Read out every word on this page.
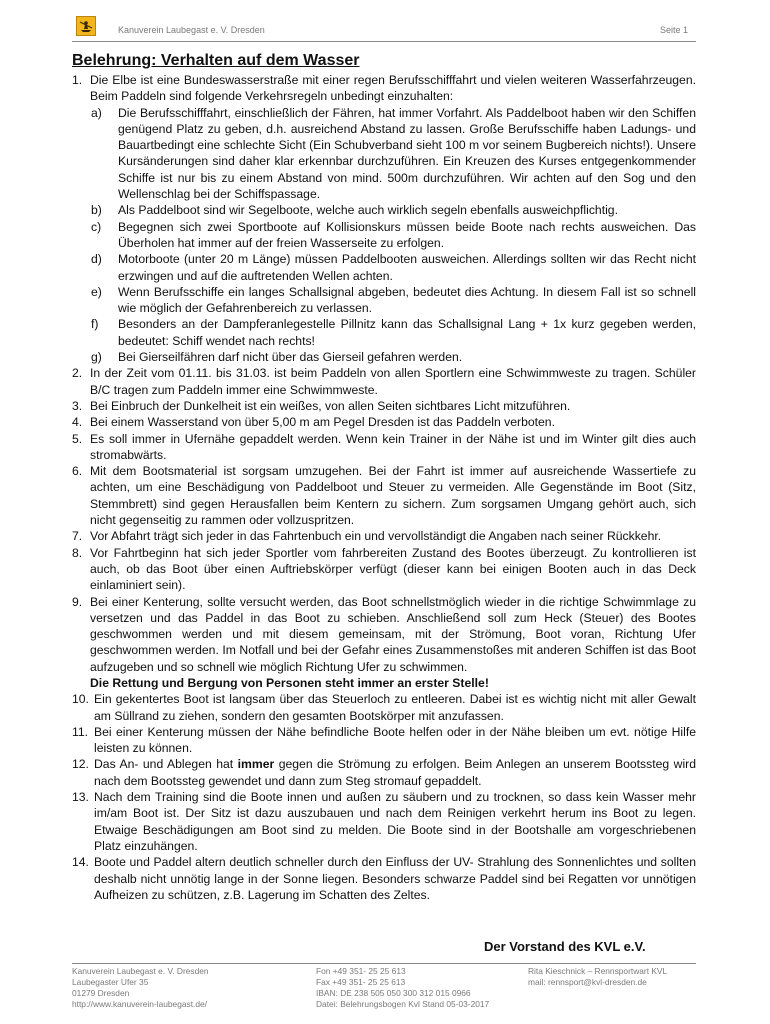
Kanuverein Laubegast e. V. Dresden	Seite 1
Belehrung: Verhalten auf dem Wasser
1. Die Elbe ist eine Bundeswasserstraße mit einer regen Berufsschifffahrt und vielen weiteren Wasserfahrzeugen. Beim Paddeln sind folgende Verkehrsregeln unbedingt einzuhalten:
a) Die Berufsschifffahrt, einschließlich der Fähren, hat immer Vorfahrt. Als Paddelboot haben wir den Schiffen genügend Platz zu geben, d.h. ausreichend Abstand zu lassen. Große Berufsschiffe haben Ladungs- und Bauartbedingt eine schlechte Sicht (Ein Schubverband sieht 100 m vor seinem Bugbereich nichts!). Unsere Kursänderungen sind daher klar erkennbar durchzuführen. Ein Kreuzen des Kurses entgegenkommender Schiffe ist nur bis zu einem Abstand von mind. 500m durchzuführen. Wir achten auf den Sog und den Wellenschlag bei der Schiffspassage.
b) Als Paddelboot sind wir Segelboote, welche auch wirklich segeln ebenfalls ausweichpflichtig.
c) Begegnen sich zwei Sportboote auf Kollisionskurs müssen beide Boote nach rechts ausweichen. Das Überholen hat immer auf der freien Wasserseite zu erfolgen.
d) Motorboote (unter 20 m Länge) müssen Paddelbooten ausweichen. Allerdings sollten wir das Recht nicht erzwingen und auf die auftretenden Wellen achten.
e) Wenn Berufsschiffe ein langes Schallsignal abgeben, bedeutet dies Achtung. In diesem Fall ist so schnell wie möglich der Gefahrenbereich zu verlassen.
f) Besonders an der Dampferanlegestelle Pillnitz kann das Schallsignal Lang + 1x kurz gegeben werden, bedeutet: Schiff wendet nach rechts!
g) Bei Gierseilfähren darf nicht über das Gierseil gefahren werden.
2. In der Zeit vom 01.11. bis 31.03. ist beim Paddeln von allen Sportlern eine Schwimmweste zu tragen. Schüler B/C tragen zum Paddeln immer eine Schwimmweste.
3. Bei Einbruch der Dunkelheit ist ein weißes, von allen Seiten sichtbares Licht mitzuführen.
4. Bei einem Wasserstand von über 5,00 m am Pegel Dresden ist das Paddeln verboten.
5. Es soll immer in Ufernähe gepaddelt werden. Wenn kein Trainer in der Nähe ist und im Winter gilt dies auch stromabwärts.
6. Mit dem Bootsmaterial ist sorgsam umzugehen. Bei der Fahrt ist immer auf ausreichende Wassertiefe zu achten, um eine Beschädigung von Paddelboot und Steuer zu vermeiden. Alle Gegenstände im Boot (Sitz, Stemmbrett) sind gegen Herausfallen beim Kentern zu sichern. Zum sorgsamen Umgang gehört auch, sich nicht gegenseitig zu rammen oder vollzuspritzen.
7. Vor Abfahrt trägt sich jeder in das Fahrtenbuch ein und vervollständigt die Angaben nach seiner Rückkehr.
8. Vor Fahrtbeginn hat sich jeder Sportler vom fahrbereiten Zustand des Bootes überzeugt. Zu kontrollieren ist auch, ob das Boot über einen Auftriebskörper verfügt (dieser kann bei einigen Booten auch in das Deck einlaminiert sein).
9. Bei einer Kenterung, sollte versucht werden, das Boot schnellstmöglich wieder in die richtige Schwimmlage zu versetzen und das Paddel in das Boot zu schieben. Anschließend soll zum Heck (Steuer) des Bootes geschwommen werden und mit diesem gemeinsam, mit der Strömung, Boot voran, Richtung Ufer geschwommen werden. Im Notfall und bei der Gefahr eines Zusammenstoßes mit anderen Schiffen ist das Boot aufzugeben und so schnell wie möglich Richtung Ufer zu schwimmen.
Die Rettung und Bergung von Personen steht immer an erster Stelle!
10. Ein gekentertes Boot ist langsam über das Steuerloch zu entleeren. Dabei ist es wichtig nicht mit aller Gewalt am Süllrand zu ziehen, sondern den gesamten Bootskörper mit anzufassen.
11. Bei einer Kenterung müssen der Nähe befindliche Boote helfen oder in der Nähe bleiben um evt. nötige Hilfe leisten zu können.
12. Das An- und Ablegen hat immer gegen die Strömung zu erfolgen. Beim Anlegen an unserem Bootssteg wird nach dem Bootssteg gewendet und dann zum Steg stromauf gepaddelt.
13. Nach dem Training sind die Boote innen und außen zu säubern und zu trocknen, so dass kein Wasser mehr im/am Boot ist. Der Sitz ist dazu auszubauen und nach dem Reinigen verkehrt herum ins Boot zu legen. Etwaige Beschädigungen am Boot sind zu melden. Die Boote sind in der Bootshalle am vorgeschriebenen Platz einzuhängen.
14. Boote und Paddel altern deutlich schneller durch den Einfluss der UV- Strahlung des Sonnenlichtes und sollten deshalb nicht unnötig lange in der Sonne liegen. Besonders schwarze Paddel sind bei Regatten vor unnötigen Aufheizen zu schützen, z.B. Lagerung im Schatten des Zeltes.
Der Vorstand des KVL e.V.
Kanuverein Laubegast e. V. Dresden
Laubegaster Ufer 35
01279 Dresden
http://www.kanuverein-laubegast.de/
Fon +49 351- 25 25 613
Fax +49 351- 25 25 613
IBAN: DE 238 505 050 300 312 015 0966
Datei: Belehrungsbogen Kvl Stand 05-03-2017
Rita Kieschnick – Rennsportwart KVL
mail: rennsport@kvl-dresden.de
